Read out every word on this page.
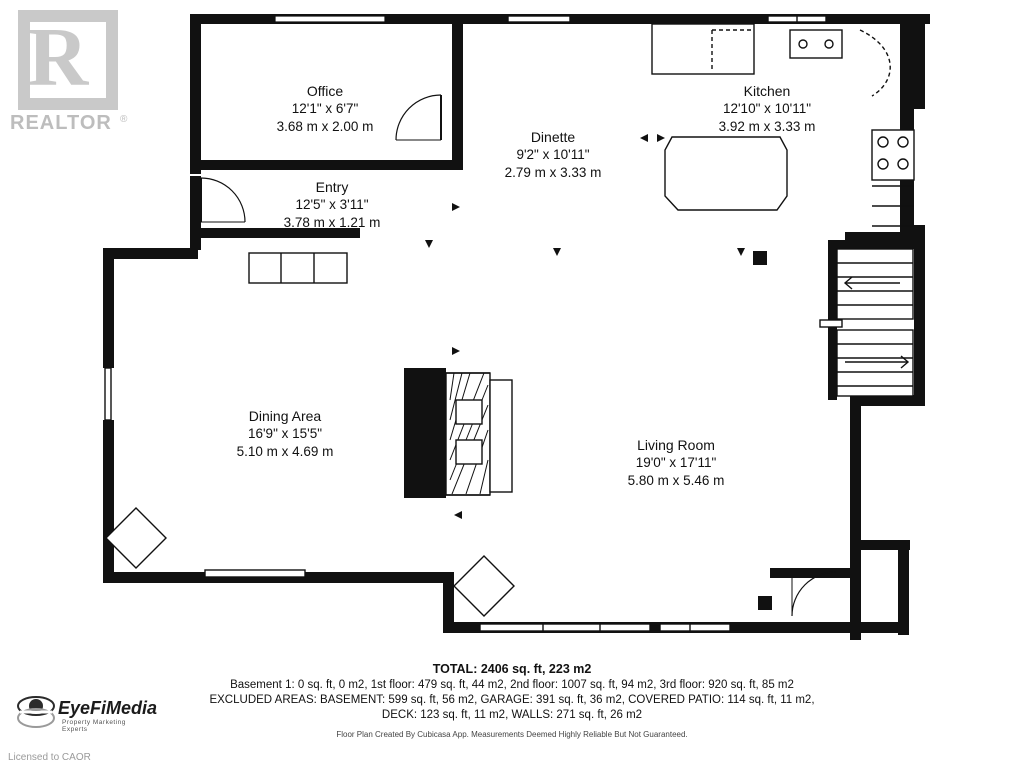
R
REALTOR ®
Office
12'1" x 6'7"
3.68 m x 2.00 m
Kitchen
12'10" x 10'11"
3.92 m x 3.33 m
Dinette
9'2" x 10'11"
2.79 m x 3.33 m
Entry
12'5" x 3'11"
3.78 m x 1.21 m
Dining Area
16'9" x 15'5"
5.10 m x 4.69 m	Living Room
19'0" x 17'11"
5.80 m x 5.46 m
TOTAL: 2406 sq. ft, 223 m2
Basement 1: 0 sq. ft, 0 m2, 1st floor: 479 sq. ft, 44 m2, 2nd floor: 1007 sq. ft, 94 m2, 3rd floor: 920 sq. ft, 85 m2
EXCLUDED AREAS: BASEMENT: 599 sq. ft, 56 m2, GARAGE: 391 sq. ft, 36 m2, COVERED PATIO: 114 sq. ft, 11 m2,
DECK: 123 sq. ft, 11 m2, WALLS: 271 sq. ft, 26 m2
Floor Plan Created By Cubicasa App. Measurements Deemed Highly Reliable But Not Guaranteed.
EyeFiMedia
Property Marketing Experts
Licensed to CAOR
